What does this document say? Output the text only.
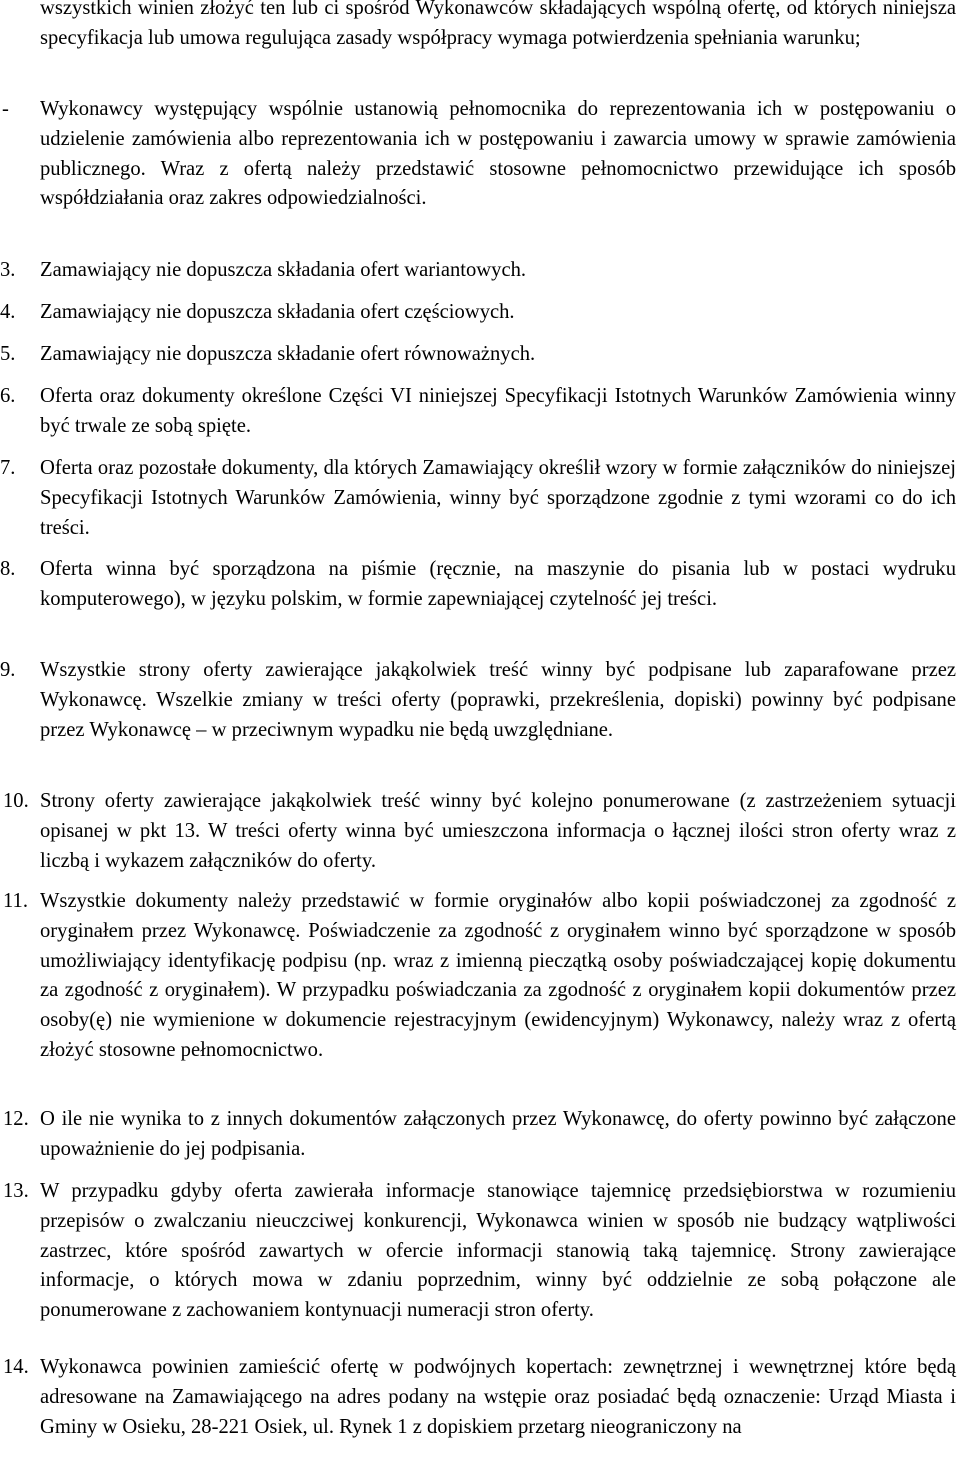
wszystkich winien złożyć ten lub ci spośród Wykonawców składających wspólną ofertę, od których niniejsza specyfikacja lub umowa regulująca zasady współpracy wymaga potwierdzenia spełniania warunku;

-	Wykonawcy występujący wspólnie ustanowią pełnomocnika do reprezentowania ich w postępowaniu o udzielenie zamówienia albo reprezentowania ich w postępowaniu i zawarcia umowy w sprawie zamówienia publicznego. Wraz z ofertą należy przedstawić stosowne pełnomocnictwo przewidujące ich sposób współdziałania oraz zakres odpowiedzialności.
3.	Zamawiający nie dopuszcza składania ofert wariantowych.
4.	Zamawiający nie dopuszcza składania ofert częściowych.
5.	Zamawiający nie dopuszcza składanie ofert równoważnych.
6.	Oferta oraz dokumenty określone Części VI niniejszej Specyfikacji Istotnych Warunków Zamówienia winny być trwale ze sobą spięte.
7.	Oferta oraz pozostałe dokumenty, dla których Zamawiający określił wzory w formie załączników do niniejszej Specyfikacji Istotnych Warunków Zamówienia, winny być sporządzone zgodnie z tymi wzorami co do ich treści.
8.	Oferta winna być sporządzona na piśmie (ręcznie, na maszynie do pisania lub w postaci wydruku komputerowego), w języku polskim, w formie zapewniającej czytelność jej treści.
9.	Wszystkie strony oferty zawierające jakąkolwiek treść winny być podpisane lub zaparafowane przez Wykonawcę. Wszelkie zmiany w treści oferty (poprawki, przekreślenia, dopiski) powinny być podpisane przez Wykonawcę – w przeciwnym wypadku nie będą uwzględniane.
10. Strony oferty zawierające jakąkolwiek treść winny być kolejno ponumerowane (z zastrzeżeniem sytuacji opisanej w pkt 13. W treści oferty winna być umieszczona informacja o łącznej ilości stron oferty wraz z liczbą i wykazem załączników do oferty.
11. Wszystkie dokumenty należy przedstawić w formie oryginałów albo kopii poświadczonej za zgodność z oryginałem przez Wykonawcę. Poświadczenie za zgodność z oryginałem winno być sporządzone w sposób umożliwiający identyfikację podpisu (np. wraz z imienną pieczątką osoby poświadczającej kopię dokumentu za zgodność z oryginałem). W przypadku poświadczania za zgodność z oryginałem kopii dokumentów przez osoby(ę) nie wymienione w dokumencie rejestracyjnym (ewidencyjnym) Wykonawcy, należy wraz z ofertą złożyć stosowne pełnomocnictwo.
12. O ile nie wynika to z innych dokumentów załączonych przez Wykonawcę, do oferty powinno być załączone upoważnienie do jej podpisania.
13. W przypadku gdyby oferta zawierała informacje stanowiące tajemnicę przedsiębiorstwa w rozumieniu przepisów o zwalczaniu nieuczciwej konkurencji, Wykonawca winien w sposób nie budzący wątpliwości zastrzec, które spośród zawartych w ofercie informacji stanowią taką tajemnicę. Strony zawierające informacje, o których mowa w zdaniu poprzednim, winny być oddzielnie ze sobą połączone ale ponumerowane z zachowaniem kontynuacji numeracji stron oferty.
14. Wykonawca powinien zamieścić ofertę w podwójnych kopertach: zewnętrznej i wewnętrznej które będą adresowane na Zamawiającego na adres podany na wstępie oraz posiadać będą oznaczenie: Urząd Miasta i Gminy w Osieku, 28-221 Osiek, ul. Rynek 1 z dopiskiem przetarg nieograniczony na
